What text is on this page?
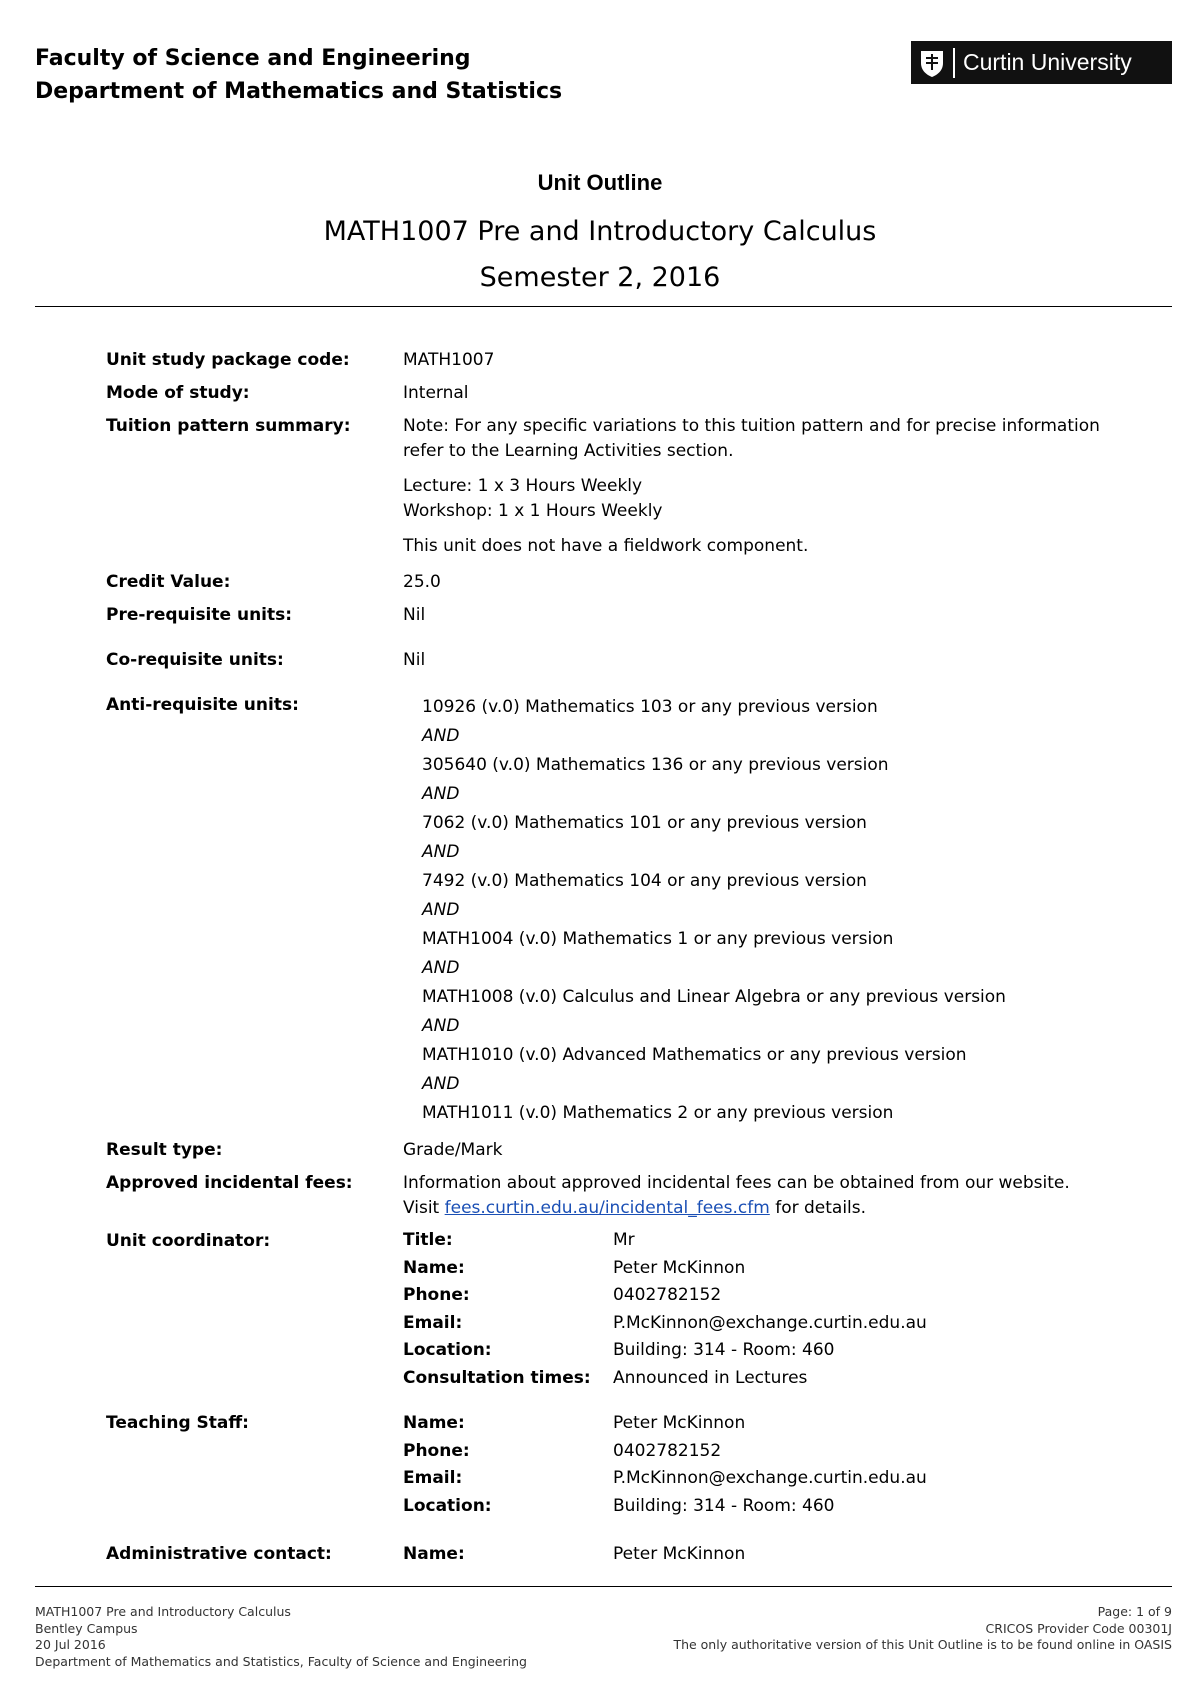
Faculty of Science and Engineering
Department of Mathematics and Statistics
Curtin University
Unit Outline
MATH1007 Pre and Introductory Calculus
Semester 2, 2016
Unit study package code:	MATH1007
Mode of study:	Internal
Tuition pattern summary:	Note: For any specific variations to this tuition pattern and for precise information refer to the Learning Activities section.

Lecture: 1 x 3 Hours Weekly
Workshop: 1 x 1 Hours Weekly

This unit does not have a fieldwork component.

Credit Value:	25.0
Pre-requisite units:	Nil
Co-requisite units:	Nil
Anti-requisite units:	10926 (v.0) Mathematics 103 or any previous version
AND
305640 (v.0) Mathematics 136 or any previous version
AND
7062 (v.0) Mathematics 101 or any previous version
AND
7492 (v.0) Mathematics 104 or any previous version
AND
MATH1004 (v.0) Mathematics 1 or any previous version
AND
MATH1008 (v.0) Calculus and Linear Algebra or any previous version
AND
MATH1010 (v.0) Advanced Mathematics or any previous version
AND
MATH1011 (v.0) Mathematics 2 or any previous version
Result type:	Grade/Mark
Approved incidental fees:	Information about approved incidental fees can be obtained from our website.
Visit fees.curtin.edu.au/incidental_fees.cfm for details.
Unit coordinator:	Title:	Mr
Name:	Peter McKinnon
Phone:	0402782152
Email:	P.McKinnon@exchange.curtin.edu.au
Location:	Building: 314 - Room: 460
Consultation times: Announced in Lectures
Teaching Staff:	Name:	Peter McKinnon
Phone:	0402782152
Email:	P.McKinnon@exchange.curtin.edu.au
Location:	Building: 314 - Room: 460
Administrative contact:	Name:	Peter McKinnon
MATH1007 Pre and Introductory Calculus
Bentley Campus
20 Jul 2016
Department of Mathematics and Statistics, Faculty of Science and Engineering
Page: 1 of 9
CRICOS Provider Code 00301J
The only authoritative version of this Unit Outline is to be found online in OASIS
